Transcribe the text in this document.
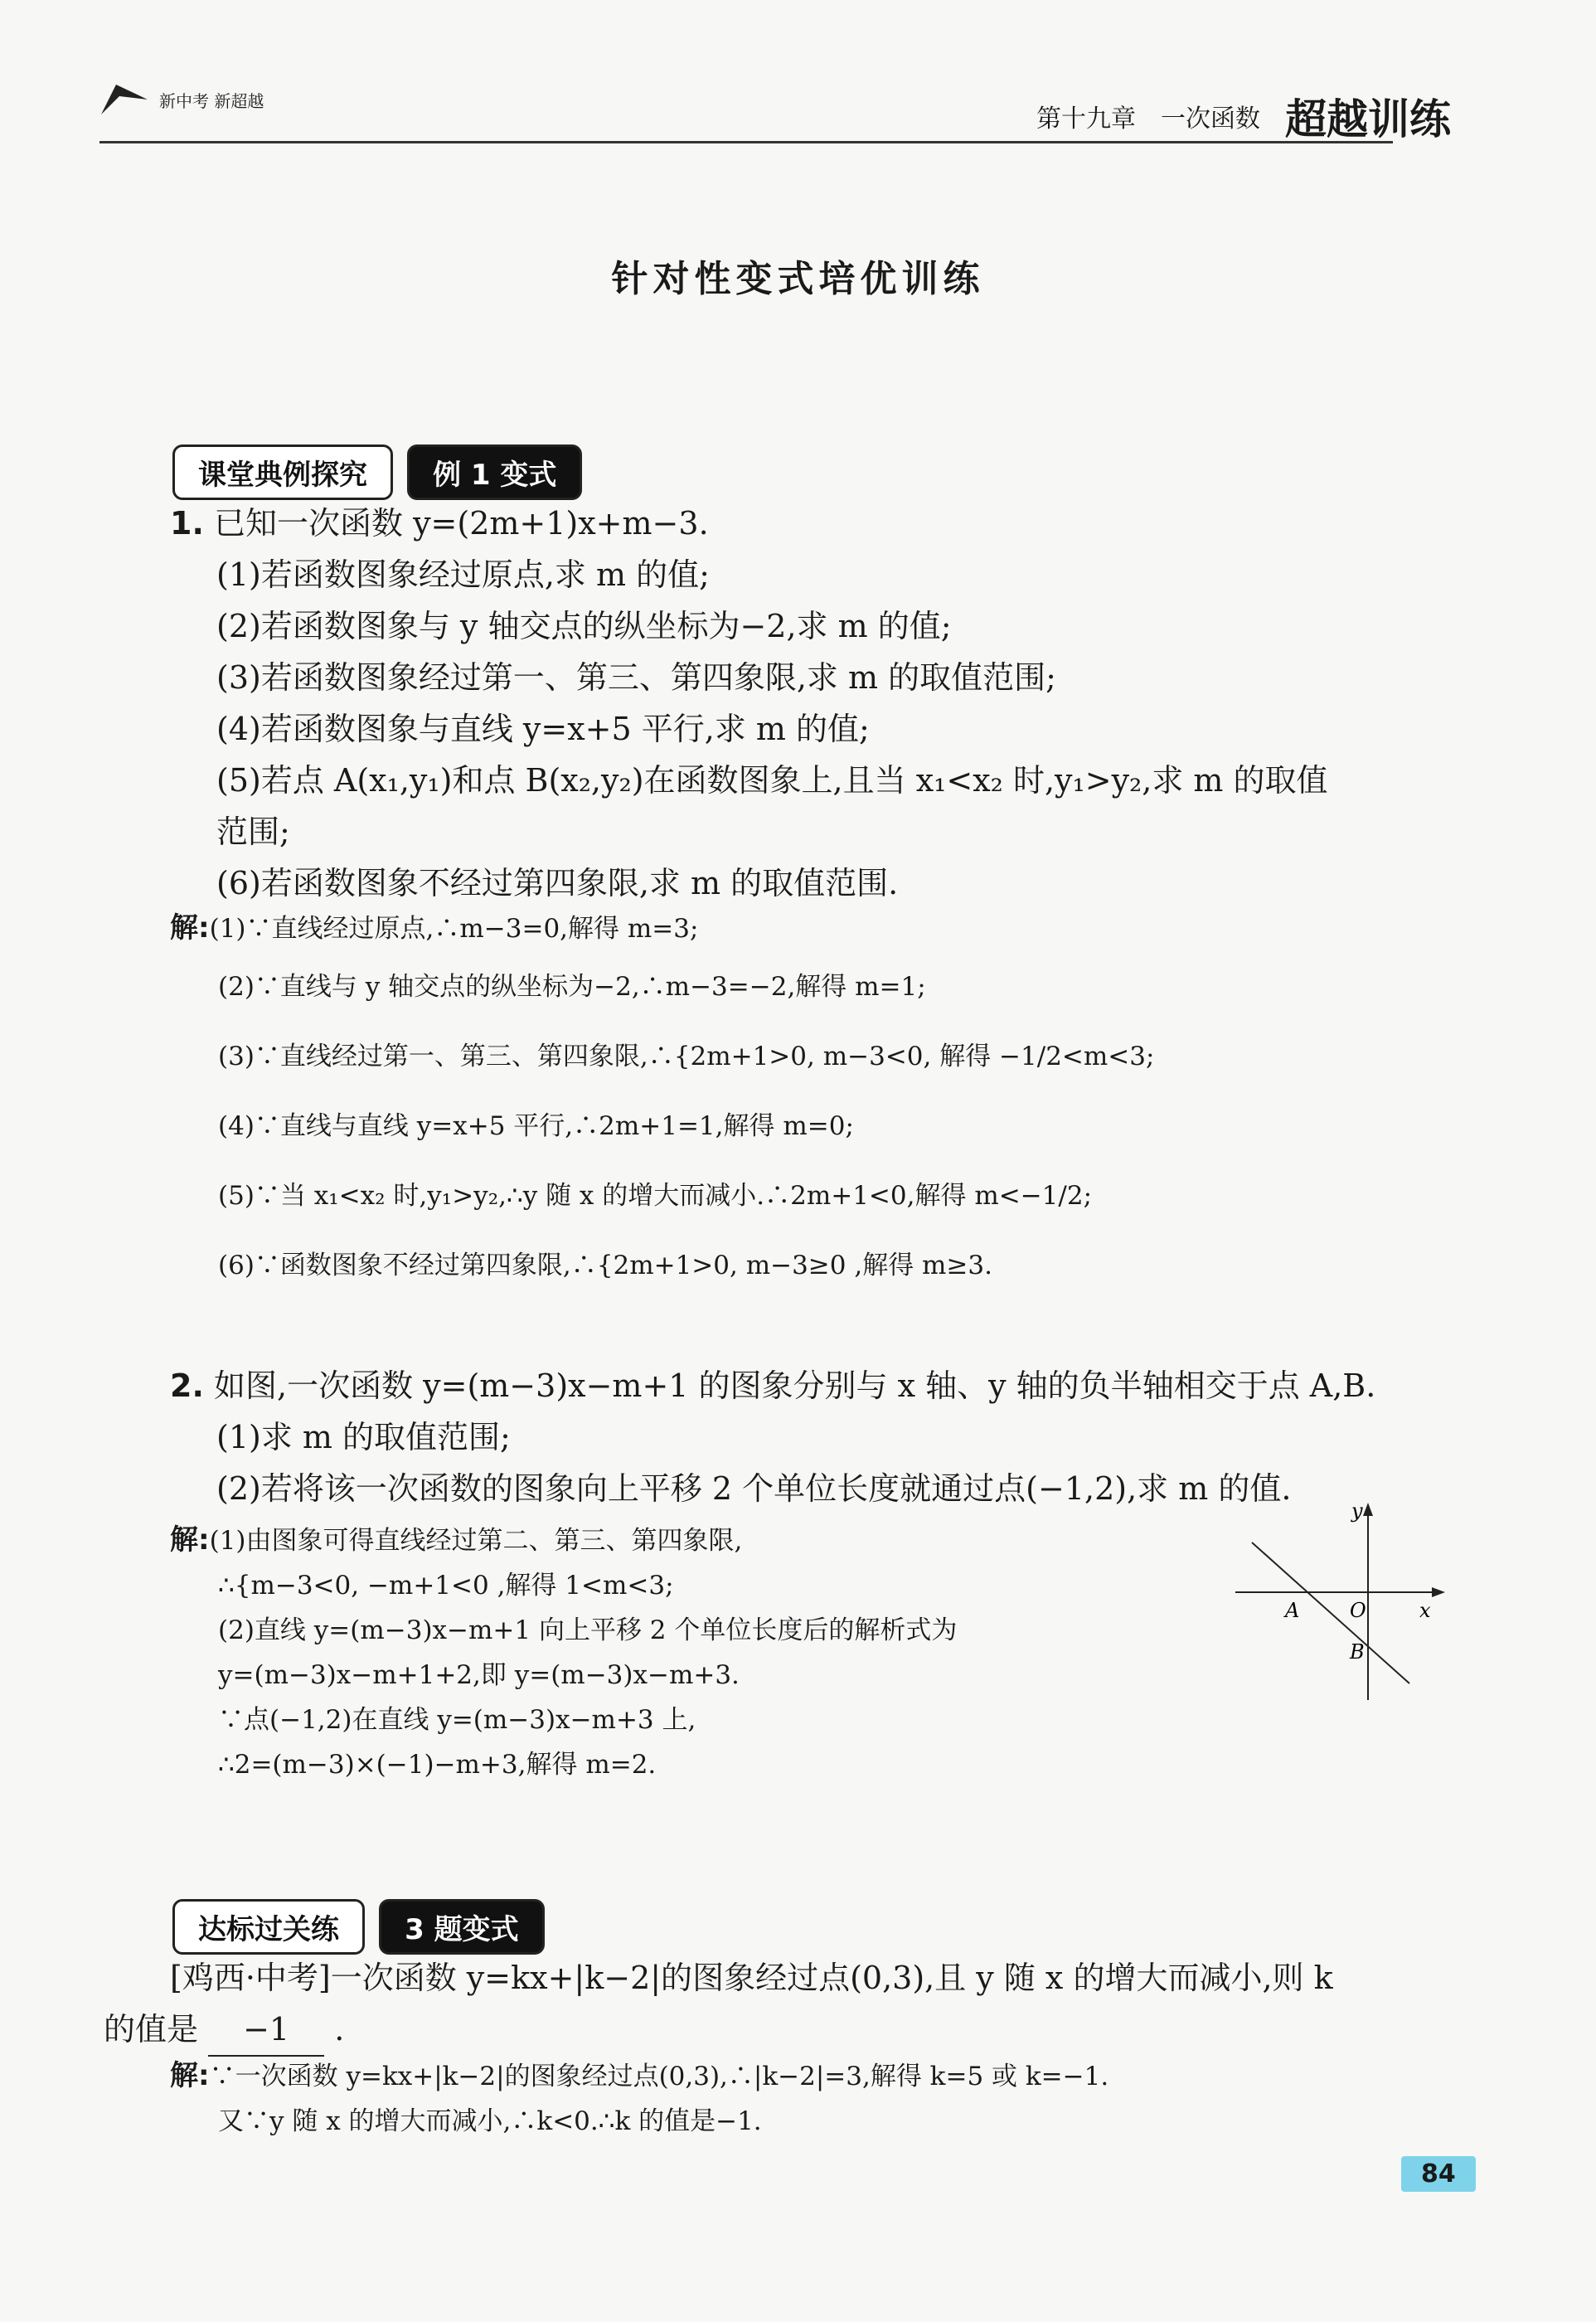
新中考 新超越
第十九章　一次函数 超越训练
针对性变式培优训练
课堂典例探究 例 1 变式
1. 已知一次函数 y=(2m+1)x+m−3.
(1)若函数图象经过原点,求 m 的值;
(2)若函数图象与 y 轴交点的纵坐标为−2,求 m 的值;
(3)若函数图象经过第一、第三、第四象限,求 m 的取值范围;
(4)若函数图象与直线 y=x+5 平行,求 m 的值;
(5)若点 A(x₁,y₁)和点 B(x₂,y₂)在函数图象上,且当 x₁<x₂ 时,y₁>y₂,求 m 的取值
范围;
(6)若函数图象不经过第四象限,求 m 的取值范围.
解: (1)∵直线经过原点,∴m−3=0,解得 m=3;
(2)∵直线与 y 轴交点的纵坐标为−2,∴m−3=−2,解得 m=1;
(3)∵直线经过第一、第三、第四象限,∴{2m+1>0, m−3<0, 解得 −1/2<m<3;
(4)∵直线与直线 y=x+5 平行,∴2m+1=1,解得 m=0;
(5)∵当 x₁<x₂ 时,y₁>y₂,∴y 随 x 的增大而减小.∴2m+1<0,解得 m<−1/2;
(6)∵函数图象不经过第四象限,∴{2m+1>0, m−3≥0 ,解得 m≥3.
2. 如图,一次函数 y=(m−3)x−m+1 的图象分别与 x 轴、y 轴的负半轴相交于点 A,B.
(1)求 m 的取值范围;
(2)若将该一次函数的图象向上平移 2 个单位长度就通过点(−1,2),求 m 的值.
解:(1)由图象可得直线经过第二、第三、第四象限,
∴{m−3<0, −m+1<0 ,解得 1<m<3;
(2)直线 y=(m−3)x−m+1 向上平移 2 个单位长度后的解析式为
y=(m−3)x−m+1+2,即 y=(m−3)x−m+3.
∵点(−1,2)在直线 y=(m−3)x−m+3 上,
∴2=(m−3)×(−1)−m+3,解得 m=2.
y
x
O
A
B
达标过关练 3 题变式
[鸡西·中考]一次函数 y=kx+|k−2|的图象经过点(0,3),且 y 随 x 的增大而减小,则 k
的值是 −1 .
解:∵一次函数 y=kx+|k−2|的图象经过点(0,3),∴|k−2|=3,解得 k=5 或 k=−1.
又∵y 随 x 的增大而减小,∴k<0.∴k 的值是−1.
84
